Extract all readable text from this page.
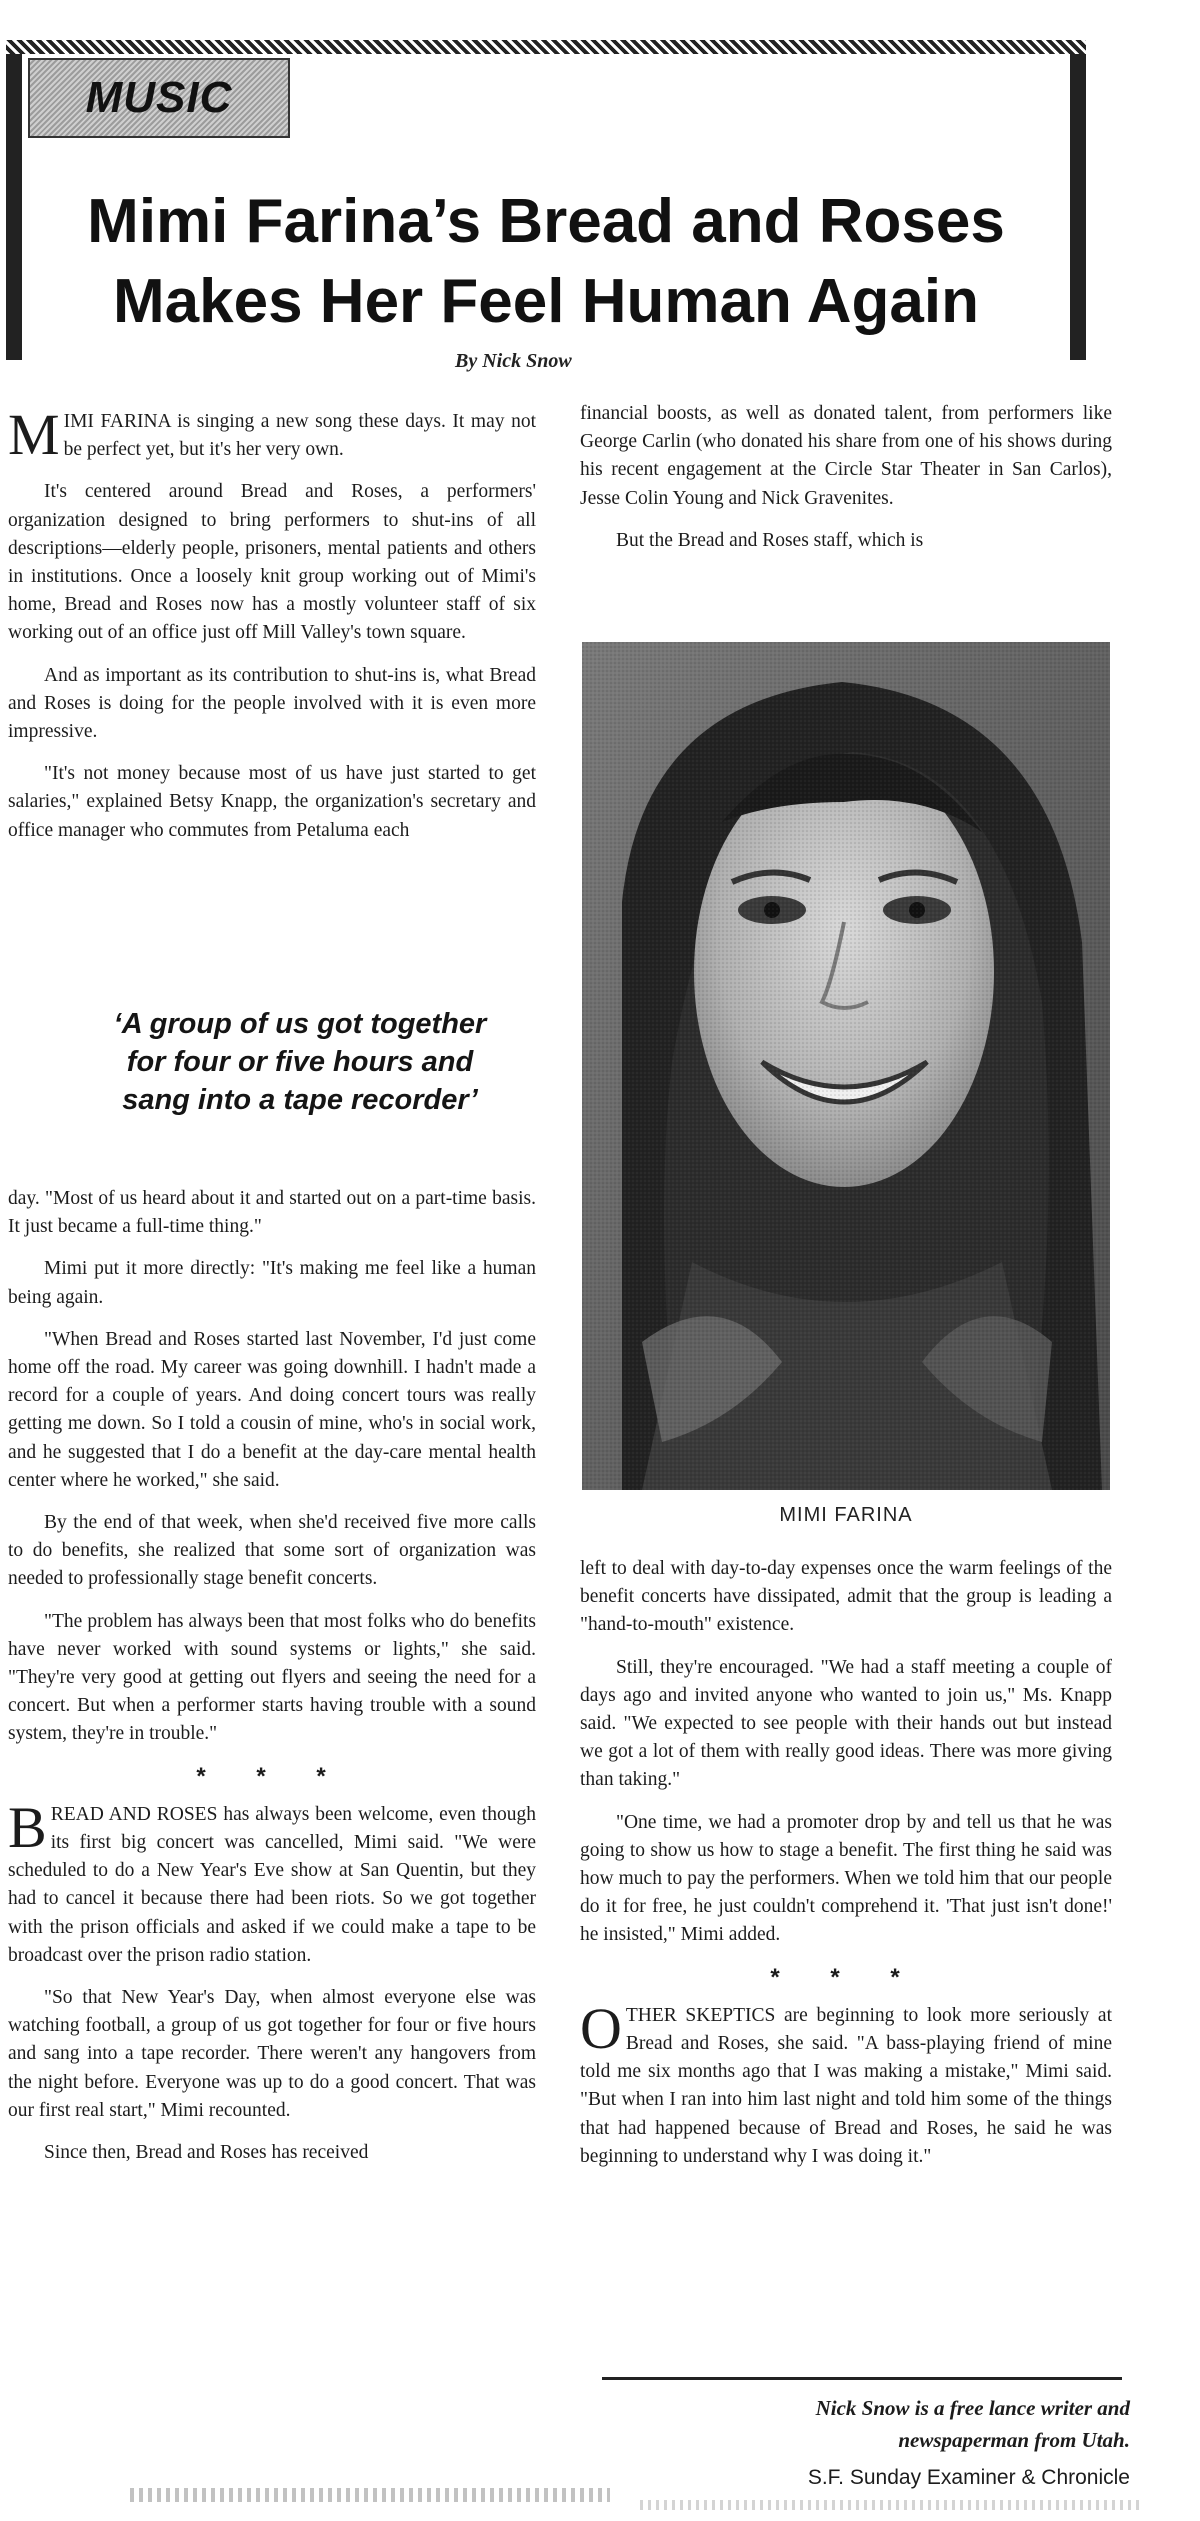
MUSIC
Mimi Farina’s Bread and Roses
Makes Her Feel Human Again
By Nick Snow

MIMI FARINA is singing a new song these days. It may not be perfect yet, but it's her very own.

It's centered around Bread and Roses, a performers' organization designed to bring performers to shut-ins of all descriptions—elderly people, prisoners, mental patients and others in institutions. Once a loosely knit group working out of Mimi's home, Bread and Roses now has a mostly volunteer staff of six working out of an office just off Mill Valley's town square.

And as important as its contribution to shut-ins is, what Bread and Roses is doing for the people involved with it is even more impressive.

"It's not money because most of us have just started to get salaries," explained Betsy Knapp, the organization's secretary and office manager who commutes from Petaluma each

‘A group of us got together
for four or five hours and
sang into a tape recorder’

day. "Most of us heard about it and started out on a part-time basis. It just became a full-time thing."

Mimi put it more directly: "It's making me feel like a human being again.

"When Bread and Roses started last November, I'd just come home off the road. My career was going downhill. I hadn't made a record for a couple of years. And doing concert tours was really getting me down. So I told a cousin of mine, who's in social work, and he suggested that I do a benefit at the day-care mental health center where he worked," she said.

By the end of that week, when she'd received five more calls to do benefits, she realized that some sort of organization was needed to professionally stage benefit concerts.

"The problem has always been that most folks who do benefits have never worked with sound systems or lights," she said. "They're very good at getting out flyers and seeing the need for a concert. But when a performer starts having trouble with a sound system, they're in trouble."

* * *

BREAD AND ROSES has always been welcome, even though its first big concert was cancelled, Mimi said. "We were scheduled to do a New Year's Eve show at San Quentin, but they had to cancel it because there had been riots. So we got together with the prison officials and asked if we could make a tape to be broadcast over the prison radio station.

"So that New Year's Day, when almost everyone else was watching football, a group of us got together for four or five hours and sang into a tape recorder. There weren't any hangovers from the night before. Everyone was up to do a good concert. That was our first real start," Mimi recounted.

Since then, Bread and Roses has received

financial boosts, as well as donated talent, from performers like George Carlin (who donated his share from one of his shows during his recent engagement at the Circle Star Theater in San Carlos), Jesse Colin Young and Nick Gravenites.

But the Bread and Roses staff, which is

MIMI FARINA

left to deal with day-to-day expenses once the warm feelings of the benefit concerts have dissipated, admit that the group is leading a "hand-to-mouth" existence.

Still, they're encouraged. "We had a staff meeting a couple of days ago and invited anyone who wanted to join us," Ms. Knapp said. "We expected to see people with their hands out but instead we got a lot of them with really good ideas. There was more giving than taking."

"One time, we had a promoter drop by and tell us that he was going to show us how to stage a benefit. The first thing he said was how much to pay the performers. When we told him that our people do it for free, he just couldn't comprehend it. 'That just isn't done!' he insisted," Mimi added.

* * *

OTHER SKEPTICS are beginning to look more seriously at Bread and Roses, she said. "A bass-playing friend of mine told me six months ago that I was making a mistake," Mimi said. "But when I ran into him last night and told him some of the things that had happened because of Bread and Roses, he said he was beginning to understand why I was doing it."

Nick Snow is a free lance writer and
newspaperman from Utah.
S.F. Sunday Examiner & Chronicle
